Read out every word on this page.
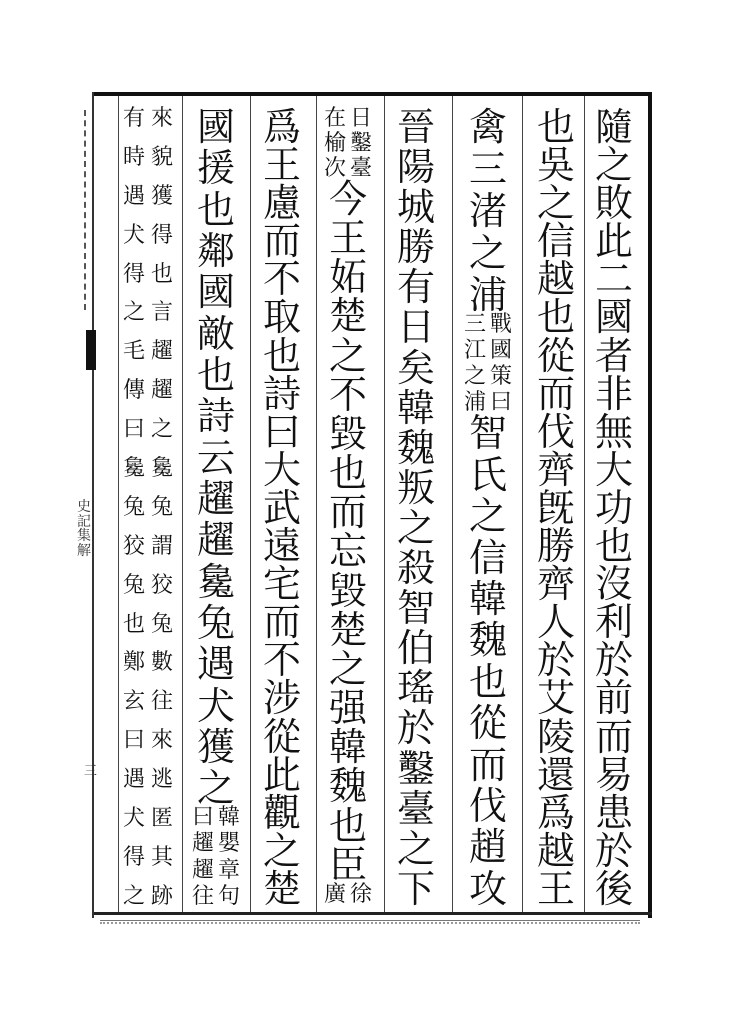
史
記
集
解
三
隨
之
敗
此
二
國
者
非
無
大
功
也
沒
利
於
前
而
易
患
於
後
也
吳
之
信
越
也
從
而
伐
齊
旣
勝
齊
人
於
艾
陵
還
爲
越
王
禽
三
渚
之
浦
戰
國
策
曰
三
江
之
浦
智
氏
之
信
韓
魏
也
從
而
伐
趙
攻
晉
陽
城
勝
有
日
矣
韓
魏
叛
之
殺
智
伯
瑤
於
鑿
臺
之
下
日
鑿
臺
在
榆
次
今
王
妬
楚
之
不
毀
也
而
忘
毀
楚
之
强
韓
魏
也
臣
徐
廣
爲
王
慮
而
不
取
也
詩
曰
大
武
遠
宅
而
不
涉
從
此
觀
之
楚
國
援
也
鄰
國
敵
也
詩
云
趯
趯
毚
兔
遇
犬
獲
之
韓
嬰
章
句
曰
趯
趯
往
來
貌
獲
得
也
言
趯
趯
之
毚
兔
謂
狡
兔
數
往
來
逃
匿
其
跡
有
時
遇
犬
得
之
毛
傳
曰
毚
兔
狡
兔
也
鄭
玄
曰
遇
犬
得
之
